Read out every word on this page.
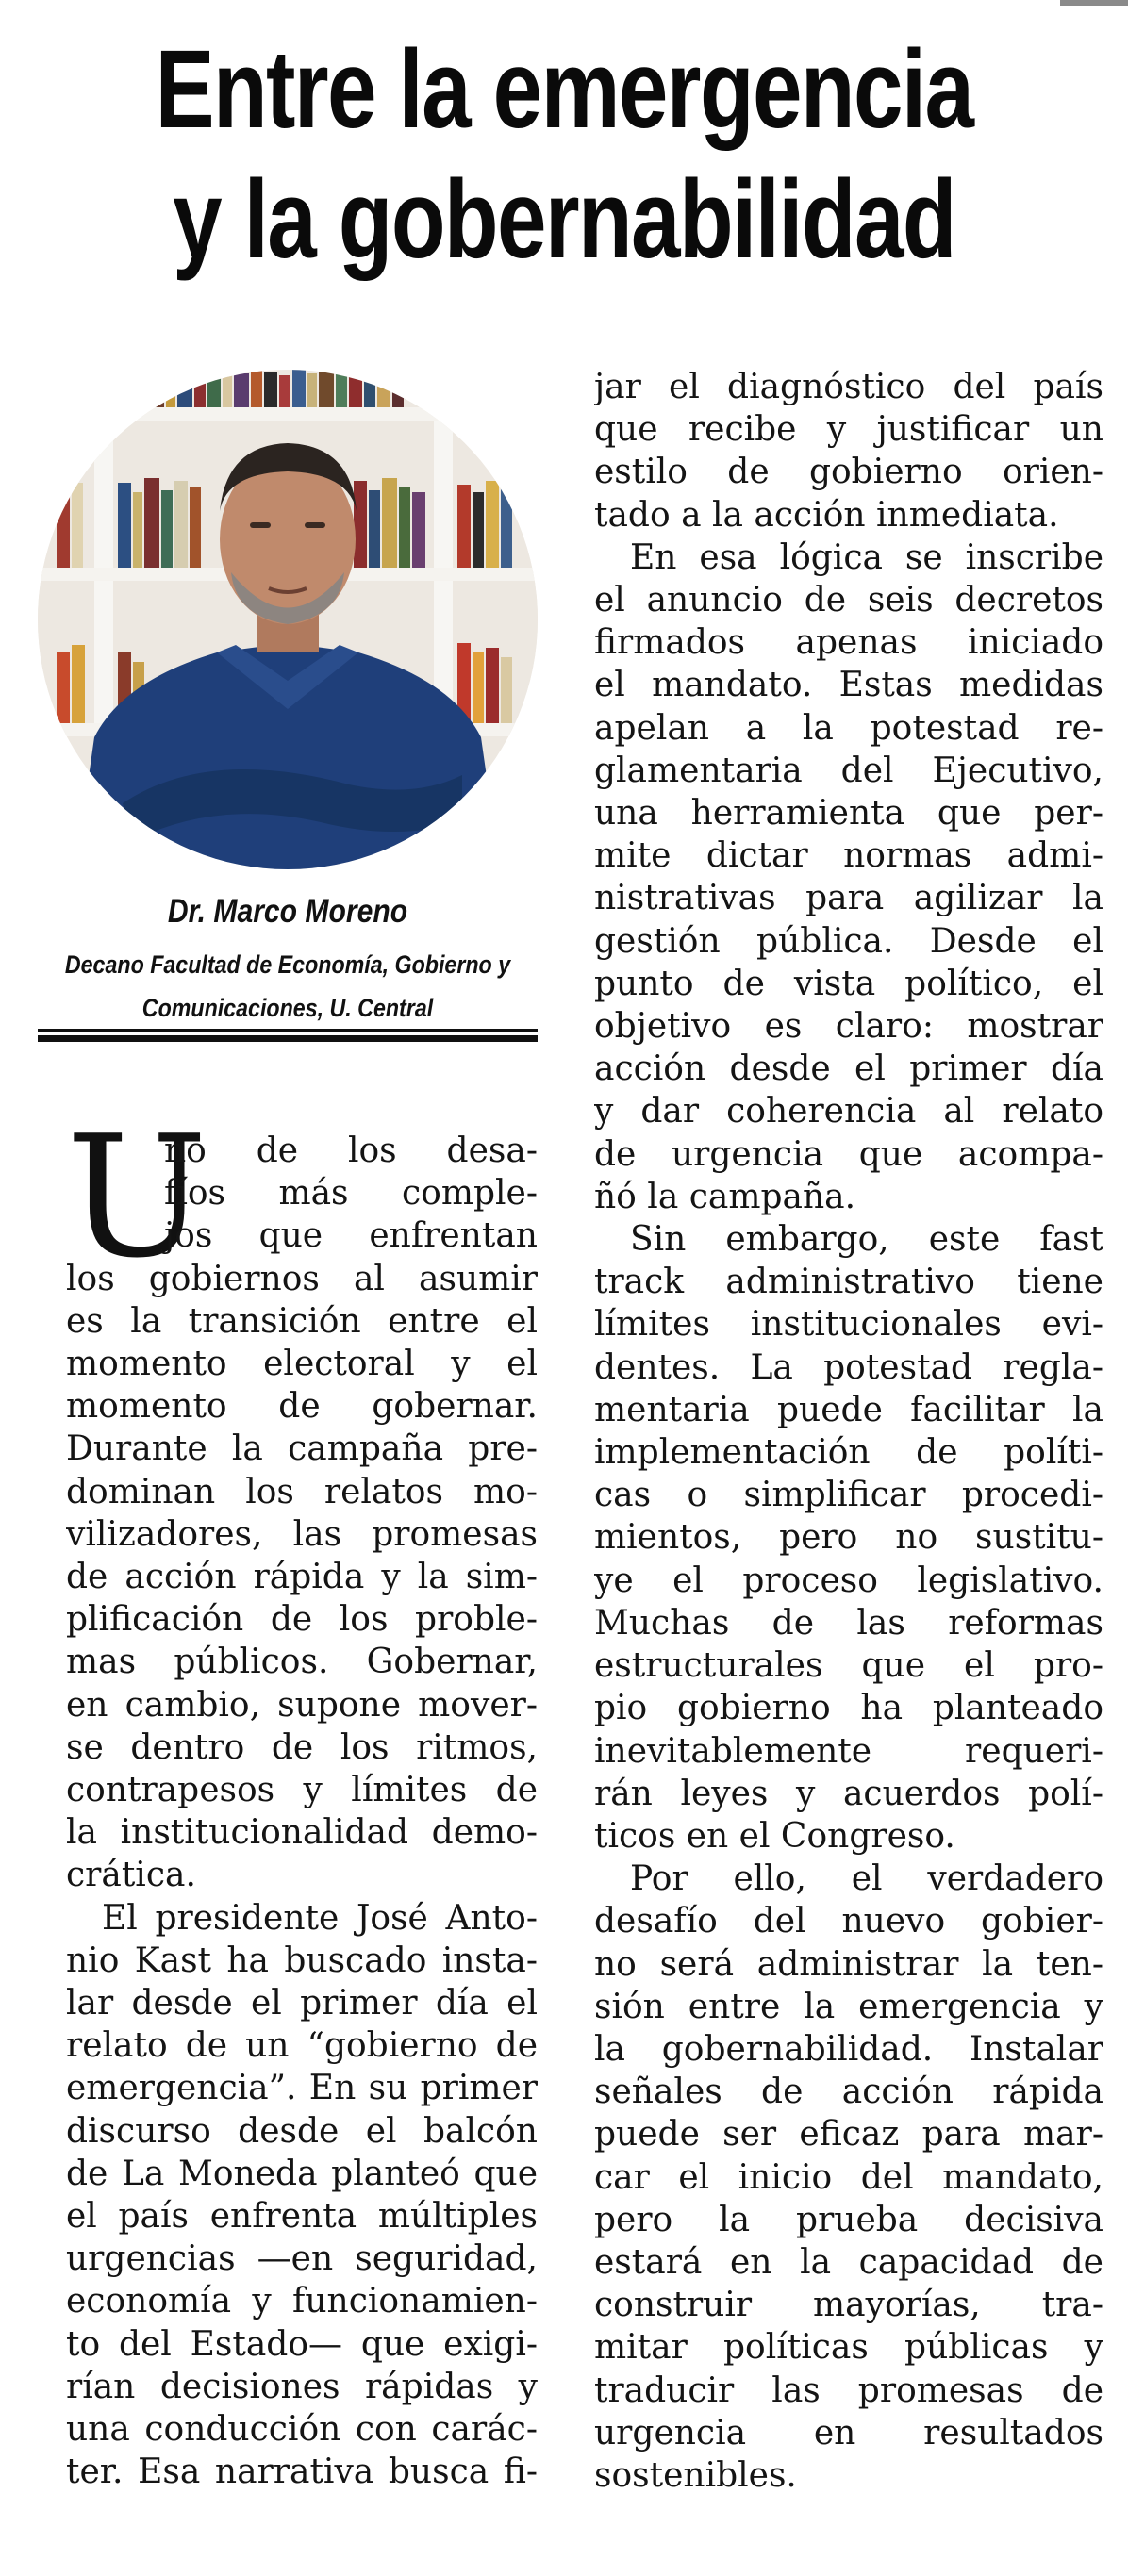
Entre la emergencia
y la gobernabilidad
Dr. Marco Moreno
Decano Facultad de Economía, Gobierno y
Comunicaciones, U. Central
U
no de los desa-
fíos más comple-
jos que enfrentan
los gobiernos al asumir
es la transición entre el
momento electoral y el
momento de gobernar.
Durante la campaña pre-
dominan los relatos mo-
vilizadores, las promesas
de acción rápida y la sim-
plificación de los proble-
mas públicos. Gobernar,
en cambio, supone mover-
se dentro de los ritmos,
contrapesos y límites de
la institucionalidad demo-
crática.
El presidente José Anto-
nio Kast ha buscado insta-
lar desde el primer día el
relato de un “gobierno de
emergencia”. En su primer
discurso desde el balcón
de La Moneda planteó que
el país enfrenta múltiples
urgencias —en seguridad,
economía y funcionamien-
to del Estado— que exigi-
rían decisiones rápidas y
una conducción con carác-
ter. Esa narrativa busca fi-
jar el diagnóstico del país
que recibe y justificar un
estilo de gobierno orien-
tado a la acción inmediata.
En esa lógica se inscribe
el anuncio de seis decretos
firmados apenas iniciado
el mandato. Estas medidas
apelan a la potestad re-
glamentaria del Ejecutivo,
una herramienta que per-
mite dictar normas admi-
nistrativas para agilizar la
gestión pública. Desde el
punto de vista político, el
objetivo es claro: mostrar
acción desde el primer día
y dar coherencia al relato
de urgencia que acompa-
ñó la campaña.
Sin embargo, este fast
track administrativo tiene
límites institucionales evi-
dentes. La potestad regla-
mentaria puede facilitar la
implementación de políti-
cas o simplificar procedi-
mientos, pero no sustitu-
ye el proceso legislativo.
Muchas de las reformas
estructurales que el pro-
pio gobierno ha planteado
inevitablemente requeri-
rán leyes y acuerdos polí-
ticos en el Congreso.
Por ello, el verdadero
desafío del nuevo gobier-
no será administrar la ten-
sión entre la emergencia y
la gobernabilidad. Instalar
señales de acción rápida
puede ser eficaz para mar-
car el inicio del mandato,
pero la prueba decisiva
estará en la capacidad de
construir mayorías, tra-
mitar políticas públicas y
traducir las promesas de
urgencia en resultados
sostenibles.
